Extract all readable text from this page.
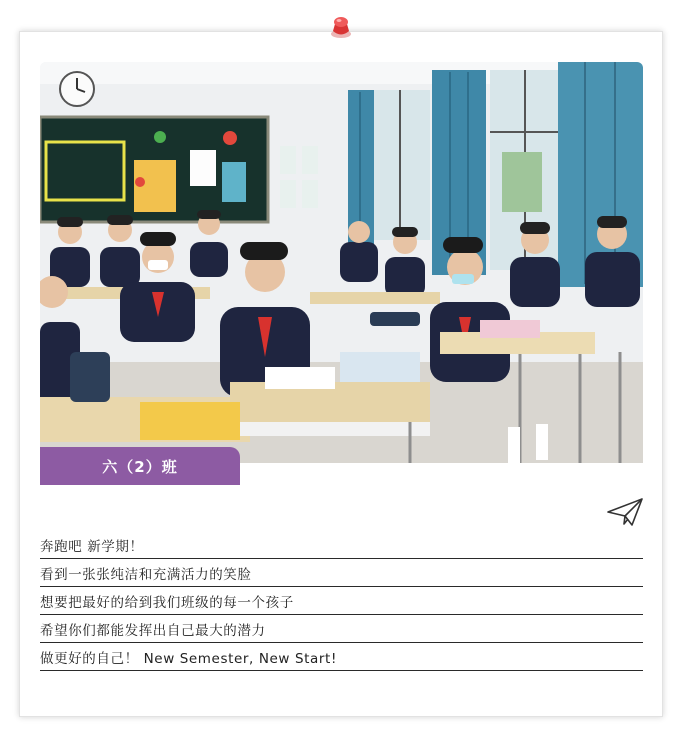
六（2）班
奔跑吧 新学期！
看到一张张纯洁和充满活力的笑脸
想要把最好的给到我们班级的每一个孩子
希望你们都能发挥出自己最大的潜力
做更好的自己！ New Semester, New Start!
